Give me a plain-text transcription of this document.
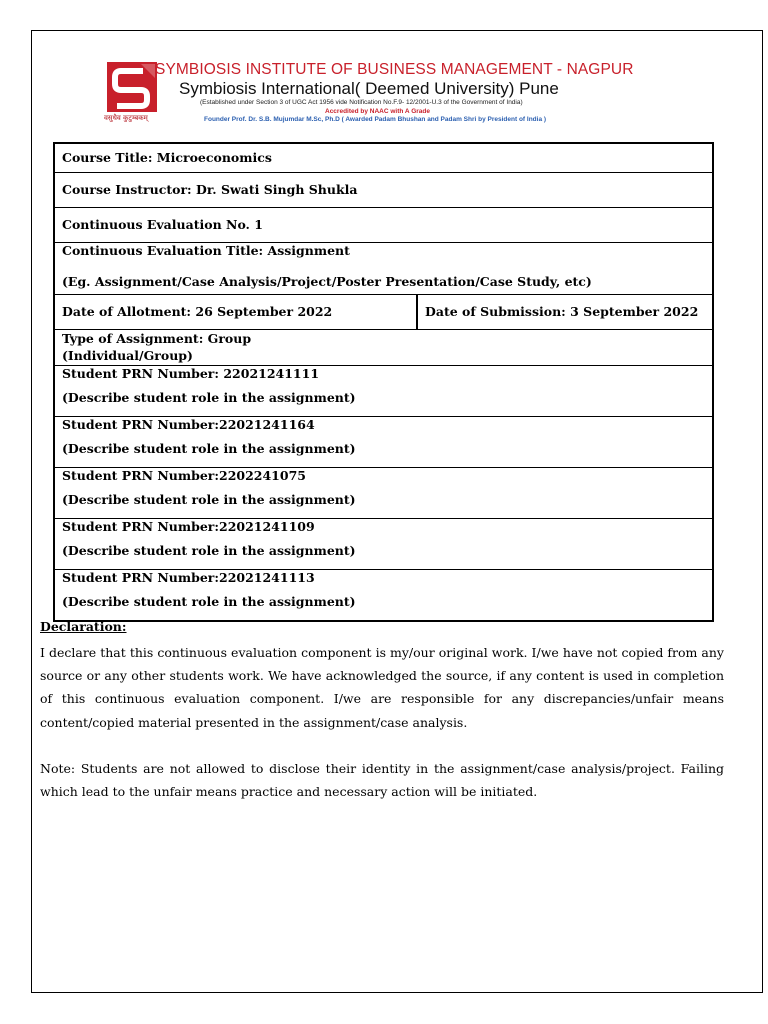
वसुधैव कुटुम्बकम्
SYMBIOSIS INSTITUTE OF BUSINESS MANAGEMENT - NAGPUR
Symbiosis International( Deemed University) Pune
(Established under Section 3 of UGC Act 1956 vide Notification No.F.9- 12/2001-U.3 of the Government of India)
Accredited by NAAC with A Grade
Founder Prof. Dr. S.B. Mujumdar M.Sc, Ph.D ( Awarded Padam Bhushan and Padam Shri by President of India )
Course Title: Microeconomics
Course Instructor: Dr. Swati Singh Shukla
Continuous Evaluation No. 1
Continuous Evaluation Title: Assignment
(Eg. Assignment/Case Analysis/Project/Poster Presentation/Case Study, etc)
Date of Allotment: 26 September 2022	Date of Submission: 3 September 2022
Type of Assignment: Group
(Individual/Group)
Student PRN Number: 22021241111
(Describe student role in the assignment)
Student PRN Number:22021241164
(Describe student role in the assignment)
Student PRN Number:2202241075
(Describe student role in the assignment)
Student PRN Number:22021241109
(Describe student role in the assignment)
Student PRN Number:22021241113
(Describe student role in the assignment)
Declaration:
I declare that this continuous evaluation component is my/our original work. I/we have not copied from any source or any other students work. We have acknowledged the source, if any content is used in completion of this continuous evaluation component. I/we are responsible for any discrepancies/unfair means content/copied material presented in the assignment/case analysis.
Note: Students are not allowed to disclose their identity in the assignment/case analysis/project. Failing which lead to the unfair means practice and necessary action will be initiated.
